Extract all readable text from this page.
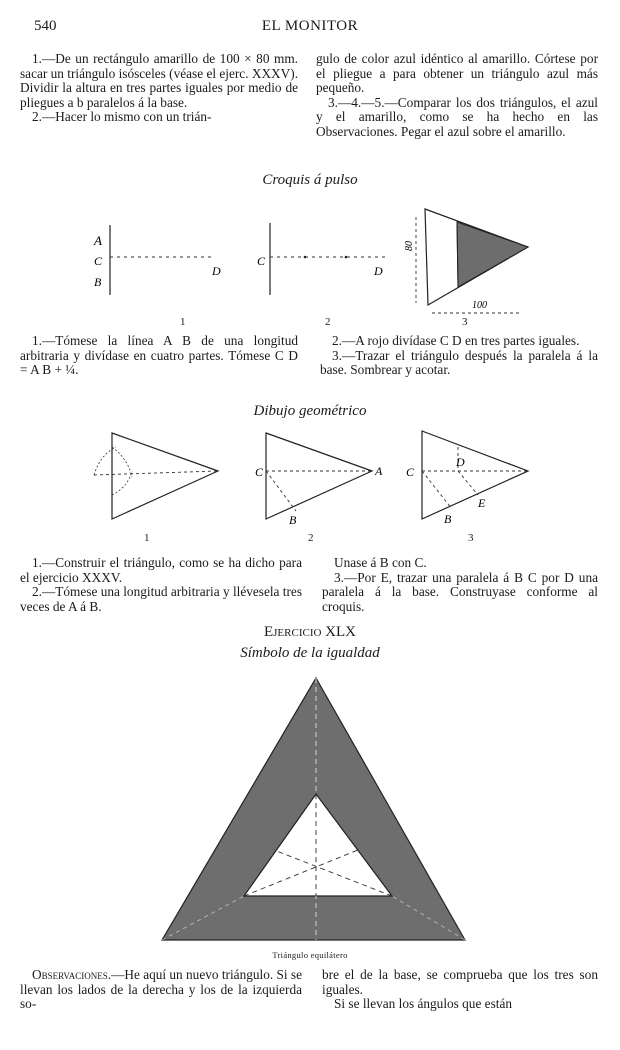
540	EL MONITOR

1.—De un rectángulo amarillo de 100 × 80 mm. sacar un triángulo isósceles (véase el ejerc. XXXV). Dividir la altura en tres partes iguales por medio de pliegues a b paralelos á la base.

2.—Hacer lo mismo con un trián-

gulo de color azul idéntico al amarillo. Córtese por el pliegue a para obtener un triángulo azul más pequeño.

3.—4.—5.—Comparar los dos triángulos, el azul y el amarillo, como se ha hecho en las Observaciones. Pegar el azul sobre el amarillo.

Croquis á pulso
A
C
B
D
C
D
80
100
1	2	3

1.—Tómese la línea A B de una longitud arbitraria y divídase en cuatro partes. Tómese C D = A B + ¼.

2.—A rojo divídase C D en tres partes iguales.

3.—Trazar el triángulo después la paralela á la base. Sombrear y acotar.

Dibujo geométrico
C	A
B
C
D
E
B
1	2	3

1.—Construir el triángulo, como se ha dicho para el ejercicio XXXV.

2.—Tómese una longitud arbitraria y llévesela tres veces de A á B.

Unase á B con C.

3.—Por E, trazar una paralela á B C por D una paralela á la base. Construyase conforme al croquis.

Ejercicio XLX
Símbolo de la igualdad
Triángulo equilátero

Observaciones.—He aquí un nuevo triángulo. Si se llevan los lados de la derecha y los de la izquierda so-

bre el de la base, se comprueba que los tres son iguales.

Si se llevan los ángulos que están
